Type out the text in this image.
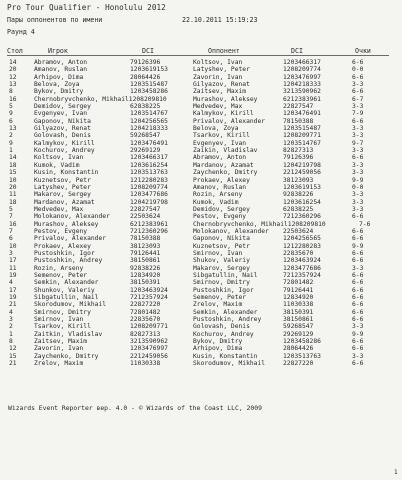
Pro Tour Qualifier - Honolulu 2012
Пары оппонентов по имени	22.10.2011 15:19:23
Раунд 4
Стол	Игрок	DCI	Оппонент	DCI	Очки
14	Abramov, Anton	79126396	Koltsov, Ivan	1203466317	6-6
20	Amanov, Ruslan	1203619153	Latyshev, Peter	1208209774	0-0
12	Arhipov, Dima	28064426	Zavorin, Ivan	1203476997	6-6
13	Belova, Zoya	1203515487	Gilyazov, Renat	1204218333	3-3
8	Bykov, Dmitry	1203458286	Zaitsev, Maxim	3213590962	6-6
16	Chernobryvchenko, Mikhail1208209810	Murashov, Aleksey	6212383961	6-7
5	Demidov, Sergey	62838225	Medvedev, Max	22827547	3-3
9	Evgenyev, Ivan	1203514767	Kalmykov, Kirill	1203476491	7-9
6	Gaponov, Nikita	1204256565	Privalov, Alexander	78150388	6-6
13	Gilyazov, Renat	1204218333	Belova, Zoya	1203515487	3-3
2	Golovash, Denis	59268547	Tsarkov, Kirill	1208209771	3-3
9	Kalmykov, Kirill	1203476491	Evgenyev, Ivan	1203514767	9-7
1	Kochurov, Andrey	29269129	Zaikin, Vladislav	82827313	3-3
14	Koltsov, Ivan	1203466317	Abramov, Anton	79126396	6-6
18	Kumok, Vadim	1203616254	Mardanov, Azamat	1204219798	3-3
15	Kusin, Konstantin	1203513763	Zaychenko, Dmitry	2212459056	3-3
10	Kuznetsov, Petr	1212280283	Prokaev, Alexey	38123093	9-9
20	Latyshev, Peter	1208209774	Amanov, Ruslan	1203619153	0-0
11	Makarov, Sergey	1203477686	Rozin, Arseny	92838226	3-3
18	Mardanov, Azamat	1204219798	Kumok, Vadim	1203616254	3-3
5	Medvedev, Max	22827547	Demidov, Sergey	62838225	3-3
7	Molokanov, Alexander	22503624	Pestov, Evgeny	7212360296	6-6
16	Murashov, Aleksey	6212383961	Chernobryvchenko, Mikhail1208209810	7-6
7	Pestov, Evgeny	7212360296	Molokanov, Alexander 22503624	6-6
6	Privalov, Alexander	78150388	Gaponov, Nikita	1204256565	6-6
10	Prokaev, Alexey	38123093	Kuznetsov, Petr	1212280283	9-9
3	Pustoshkin, Igor	79126441	Smirnov, Ivan	22835670	6-6
17	Pustoshkin, Andrey	38150861	Shukov, Valeriy	1203463924	6-6
11	Rozin, Arseny	92838226	Makarov, Sergey	1203477686	3-3
19	Semenov, Peter	12834920	Sibgatullin, Nail	7212357924	6-6
4	Semkin, Alexander	38150391	Smirnov, Dmitry	72801482	6-6
17	Shunkov, Valeriy	1203463924	Pustoshkin, Igor	79126441	6-6
19	Sibgatullin, Nail	7212357924	Semenov, Peter	12834920	6-6
21	Skorodumov, Mikhail	22827220	Zrelov, Maxim	11030338	6-6
4	Smirnov, Dmitry	72801482	Semkin, Alexander	38150391	6-6
3	Smirnov, Ivan	22835670	Pustoshkin, Andrey	38150861	6-6
2	Tsarkov, Kirill	1208209771	Golovash, Denis	59268547	3-3
1	Zaitkin, Vladislav	82827313	Kochurov, Andrey	29269129	9-9
8	Zaitsev, Maxim	3213590962	Bykov, Dmitry	1203458286	6-6
12	Zavorin, Ivan	1203476997	Arhipov, Dima	28064426	6-6
15	Zaychenko, Dmitry	2212459056	Kusin, Konstantin	1203513763	3-3
21	Zrelov, Maxim	11030338	Skorodumov, Mikhail	22827220	6-6
Wizards Event Reporter вер. 4.0 - © Wizards of the Coast LLC, 2009
1
